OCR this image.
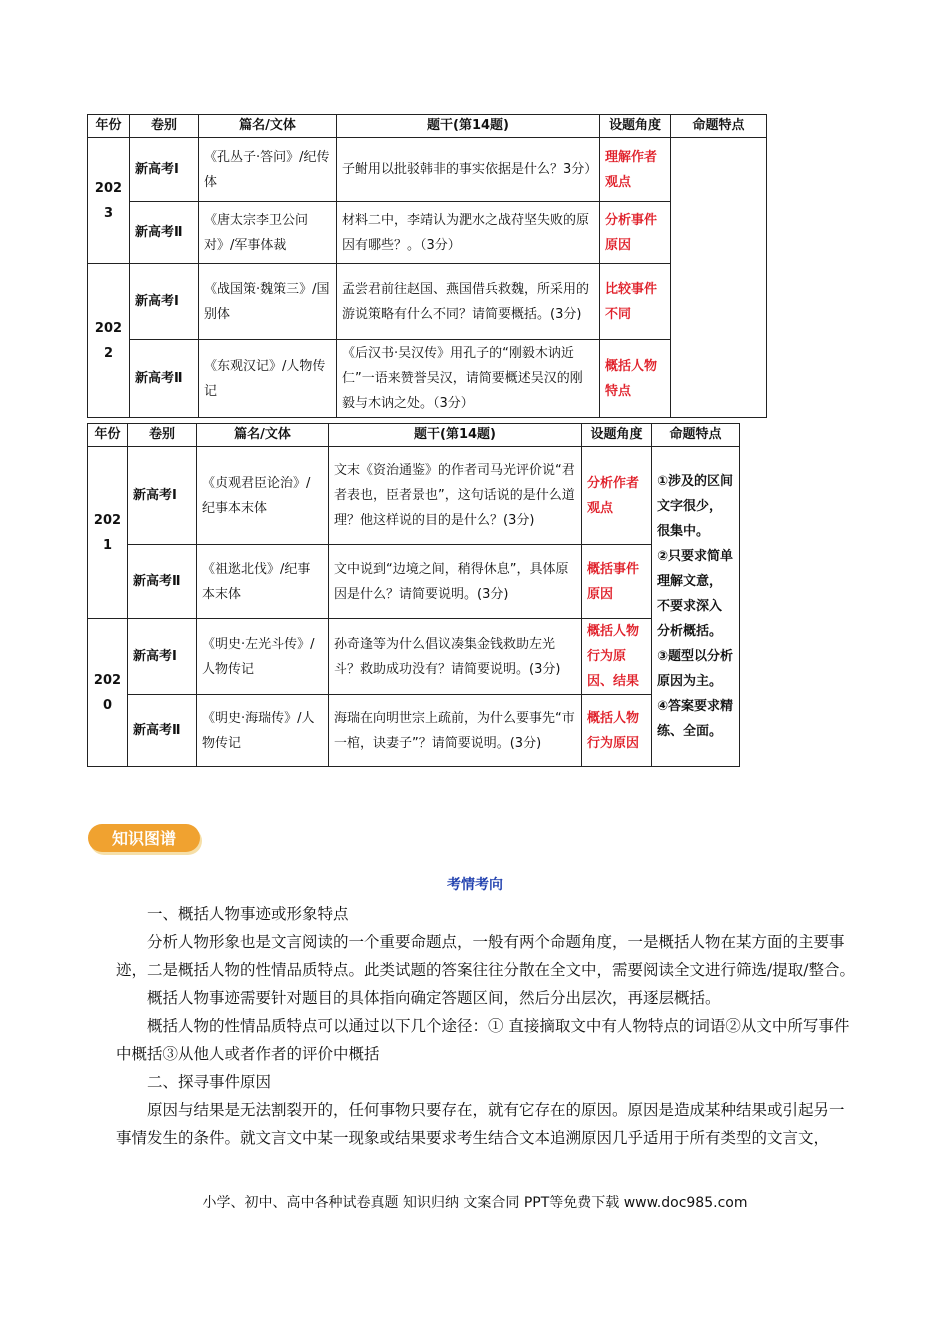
年份	卷别	篇名/文体	题干(第14题)	设题角度	命题特点
2023	新高考Ⅰ	《孔丛子·答问》/纪传体	子鲋用以批驳韩非的事实依据是什么？3分）	理解作者观点	
	新高考Ⅱ	《唐太宗李卫公问对》/军事体裁	材料二中，李靖认为淝水之战苻坚失败的原因有哪些？。（3分）	分析事件原因	
2022	新高考Ⅰ	《战国策·魏策三》/国别体	孟尝君前往赵国、燕国借兵救魏，所采用的游说策略有什么不同？请简要概括。(3分)	比较事件不同	
	新高考Ⅱ	《东观汉记》/人物传记	《后汉书·吴汉传》用孔子的“刚毅木讷近仁”一语来赞誉吴汉，请简要概述吴汉的刚毅与木讷之处。（3分）	概括人物特点	
年份	卷别	篇名/文体	题干(第14题)	设题角度	命题特点
2021	新高考Ⅰ	《贞观君臣论治》/纪事本末体	文末《资治通鉴》的作者司马光评价说“君者表也，臣者景也”，这句话说的是什么道理？他这样说的目的是什么？(3分)	分析作者观点	①涉及的区间文字很少，很集中。
②只要求简单理解文意，不要求深入分析概括。
③题型以分析原因为主。
④答案要求精练、全面。

	新高考Ⅱ	《祖逖北伐》/纪事本末体	文中说到“边境之间，稍得休息”，具体原因是什么？请简要说明。(3分)	概括事件原因	
2020	新高考Ⅰ	《明史·左光斗传》/人物传记	孙奇逢等为什么倡议凑集金钱救助左光斗？救助成功没有？请简要说明。(3分)	概括人物行为原因、结果	
	新高考Ⅱ	《明史·海瑞传》/人物传记	海瑞在向明世宗上疏前，为什么要事先“市一棺，诀妻子”？请简要说明。(3分)	概括人物行为原因	
知识图谱
考情考向

一、概括人物事迹或形象特点

分析人物形象也是文言阅读的一个重要命题点，一般有两个命题角度，一是概括人物在某方面的主要事迹，二是概括人物的性情品质特点。此类试题的答案往往分散在全文中，需要阅读全文进行筛选/提取/整合。

概括人物事迹需要针对题目的具体指向确定答题区间，然后分出层次，再逐层概括。

概括人物的性情品质特点可以通过以下几个途径：① 直接摘取文中有人物特点的词语②从文中所写事件中概括③从他人或者作者的评价中概括

二、探寻事件原因

原因与结果是无法割裂开的，任何事物只要存在，就有它存在的原因。原因是造成某种结果或引起另一事情发生的条件。就文言文中某一现象或结果要求考生结合文本追溯原因几乎适用于所有类型的文言文，

小学、初中、高中各种试卷真题 知识归纳 文案合同 PPT等免费下载 www.doc985.com
